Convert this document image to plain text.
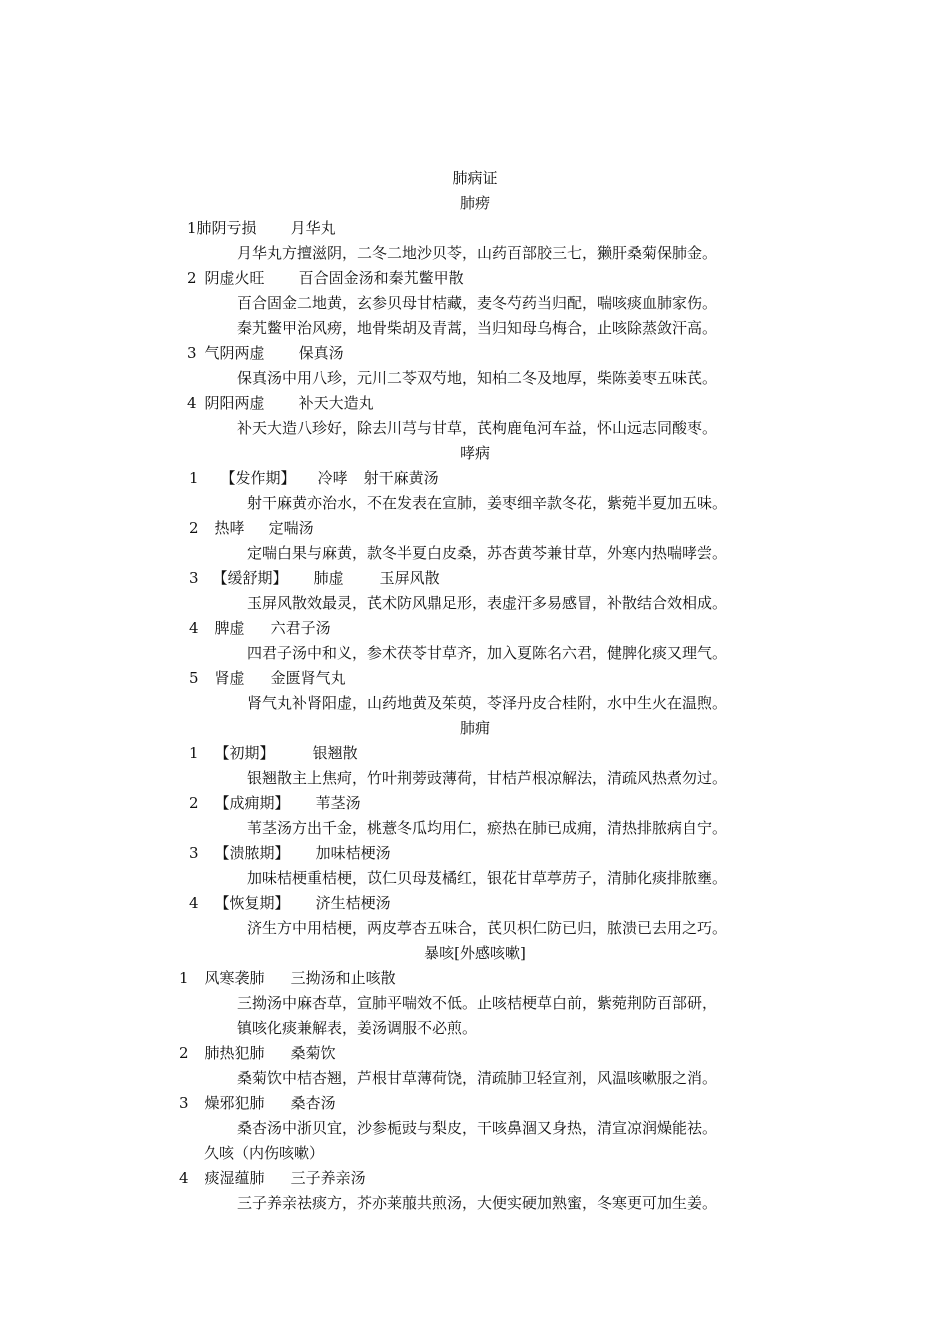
肺病证
肺痨
1肺阴亏损 月华丸
月华丸方擅滋阴，二冬二地沙贝苓，山药百部胶三七，獭肝桑菊保肺金。
2 阴虚火旺 百合固金汤和秦艽鳖甲散
百合固金二地黄，玄参贝母甘桔藏，麦冬芍药当归配，喘咳痰血肺家伤。
秦艽鳖甲治风痨，地骨柴胡及青蒿，当归知母乌梅合，止咳除蒸敛汗高。
3 气阴两虚 保真汤
保真汤中用八珍，元川二苓双芍地，知柏二冬及地厚，柴陈姜枣五味芪。
4 阴阳两虚 补天大造丸
补天大造八珍好，除去川芎与甘草，芪枸鹿龟河车益，怀山远志同酸枣。
哮病
1 【发作期】 冷哮 射干麻黄汤
射干麻黄亦治水，不在发表在宣肺，姜枣细辛款冬花，紫菀半夏加五味。
2 热哮 定喘汤
定喘白果与麻黄，款冬半夏白皮桑，苏杏黄芩兼甘草，外寒内热喘哮尝。
3 【缓舒期】 肺虚 玉屏风散
玉屏风散效最灵，芪术防风鼎足形，表虚汗多易感冒，补散结合效相成。
4 脾虚 六君子汤
四君子汤中和义，参术茯苓甘草齐，加入夏陈名六君，健脾化痰又理气。
5 肾虚 金匮肾气丸
肾气丸补肾阳虚，山药地黄及茱萸，苓泽丹皮合桂附，水中生火在温煦。
肺痈
1 【初期】	银翘散
银翘散主上焦疴，竹叶荆蒡豉薄荷，甘桔芦根凉解法，清疏风热煮勿过。
2 【成痈期】 苇茎汤
苇茎汤方出千金，桃薏冬瓜均用仁，瘀热在肺已成痈，清热排脓病自宁。
3 【溃脓期】 加味桔梗汤
加味桔梗重桔梗，苡仁贝母芨橘红，银花甘草葶苈子，清肺化痰排脓壅。
4 【恢复期】 济生桔梗汤
济生方中用桔梗，两皮葶杏五味合，芪贝枳仁防已归，脓溃已去用之巧。
暴咳[外感咳嗽]
1 风寒袭肺 三拗汤和止咳散
三拗汤中麻杏草，宣肺平喘效不低。止咳桔梗草白前，紫菀荆防百部研，
镇咳化痰兼解表，姜汤调服不必煎。
2 肺热犯肺 桑菊饮
桑菊饮中桔杏翘，芦根甘草薄荷饶，清疏肺卫轻宣剂，风温咳嗽服之消。
3 燥邪犯肺 桑杏汤
桑杏汤中浙贝宜，沙参栀豉与梨皮，干咳鼻涸又身热，清宣凉润燥能祛。
久咳（内伤咳嗽）
4 痰湿蕴肺 三子养亲汤
三子养亲祛痰方，芥亦莱菔共煎汤，大便实硬加熟蜜，冬寒更可加生姜。
